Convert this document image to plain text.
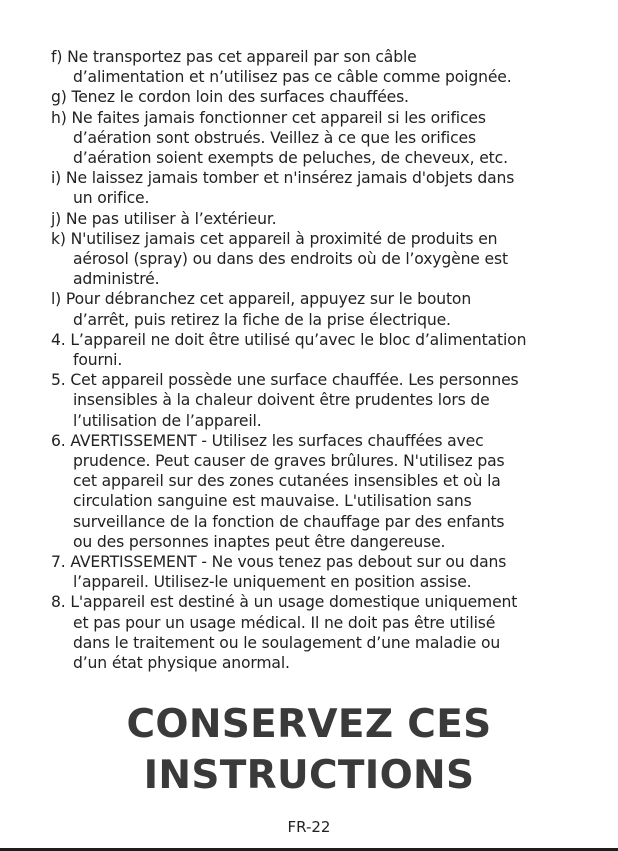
f) Ne transportez pas cet appareil par son câble
d’alimentation et n’utilisez pas ce câble comme poignée.
g) Tenez le cordon loin des surfaces chauffées.
h) Ne faites jamais fonctionner cet appareil si les orifices
d’aération sont obstrués. Veillez à ce que les orifices
d’aération soient exempts de peluches, de cheveux, etc.
i) Ne laissez jamais tomber et n'insérez jamais d'objets dans
un orifice.
j) Ne pas utiliser à l’extérieur.
k) N'utilisez jamais cet appareil à proximité de produits en
aérosol (spray) ou dans des endroits où de l’oxygène est
administré.
l) Pour débranchez cet appareil, appuyez sur le bouton
d’arrêt, puis retirez la fiche de la prise électrique.
4. L’appareil ne doit être utilisé qu’avec le bloc d’alimentation
fourni.
5. Cet appareil possède une surface chauffée. Les personnes
insensibles à la chaleur doivent être prudentes lors de
l’utilisation de l’appareil.
6. AVERTISSEMENT - Utilisez les surfaces chauffées avec
prudence. Peut causer de graves brûlures. N'utilisez pas
cet appareil sur des zones cutanées insensibles et où la
circulation sanguine est mauvaise. L'utilisation sans
surveillance de la fonction de chauffage par des enfants
ou des personnes inaptes peut être dangereuse.
7. AVERTISSEMENT - Ne vous tenez pas debout sur ou dans
l’appareil. Utilisez-le uniquement en position assise.
8. L'appareil est destiné à un usage domestique uniquement
et pas pour un usage médical. Il ne doit pas être utilisé
dans le traitement ou le soulagement d’une maladie ou
d’un état physique anormal.
CONSERVEZ CES
INSTRUCTIONS
FR-22
